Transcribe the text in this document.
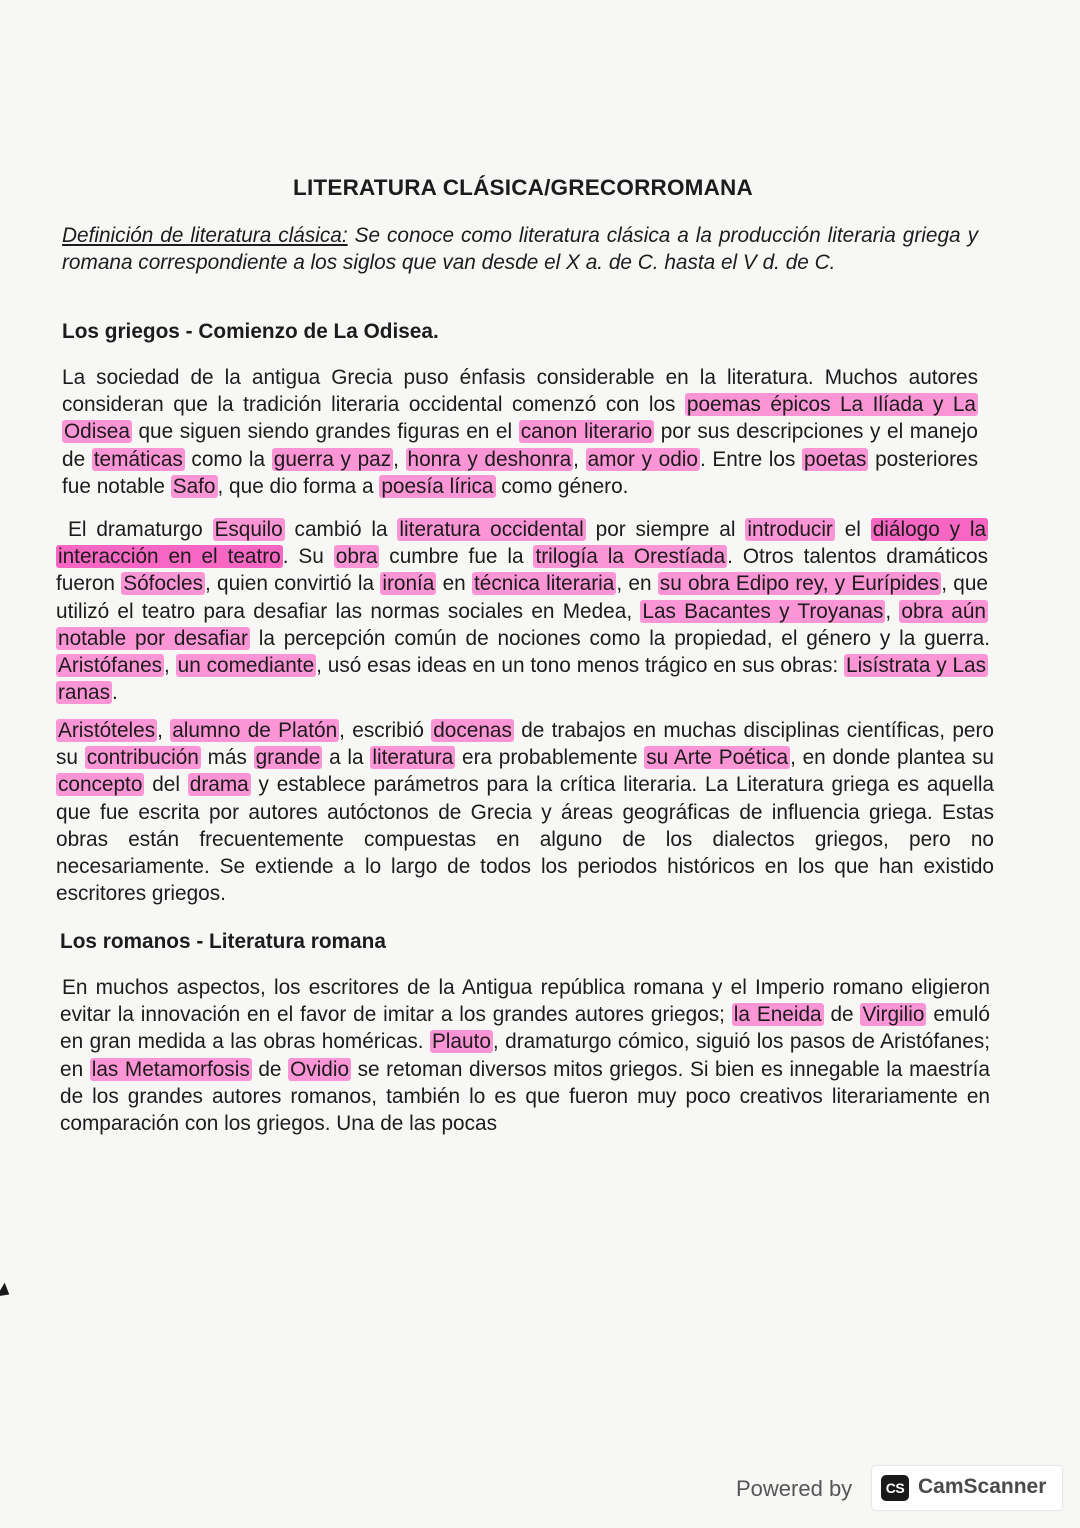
LITERATURA CLÁSICA/GRECORROMANA

Definición de literatura clásica: Se conoce como literatura clásica a la producción literaria griega y romana correspondiente a los siglos que van desde el X a. de C. hasta el V d. de C.

Los griegos - Comienzo de La Odisea.

La sociedad de la antigua Grecia puso énfasis considerable en la literatura. Muchos autores consideran que la tradición literaria occidental comenzó con los poemas épicos La Ilíada y La Odisea que siguen siendo grandes figuras en el canon literario por sus descripciones y el manejo de temáticas como la guerra y paz, honra y deshonra, amor y odio. Entre los poetas posteriores fue notable Safo, que dio forma a poesía lírica como género.

El dramaturgo Esquilo cambió la literatura occidental por siempre al introducir el diálogo y la interacción en el teatro. Su obra cumbre fue la trilogía la Orestíada. Otros talentos dramáticos fueron Sófocles, quien convirtió la ironía en técnica literaria, en su obra Edipo rey, y Eurípides, que utilizó el teatro para desafiar las normas sociales en Medea, Las Bacantes y Troyanas, obra aún notable por desafiar la percepción común de nociones como la propiedad, el género y la guerra. Aristófanes, un comediante, usó esas ideas en un tono menos trágico en sus obras: Lisístrata y Las ranas.

Aristóteles, alumno de Platón, escribió docenas de trabajos en muchas disciplinas científicas, pero su contribución más grande a la literatura era probablemente su Arte Poética, en donde plantea su concepto del drama y establece parámetros para la crítica literaria. La Literatura griega es aquella que fue escrita por autores autóctonos de Grecia y áreas geográficas de influencia griega. Estas obras están frecuentemente compuestas en alguno de los dialectos griegos, pero no necesariamente. Se extiende a lo largo de todos los periodos históricos en los que han existido escritores griegos.

Los romanos - Literatura romana

En muchos aspectos, los escritores de la Antigua república romana y el Imperio romano eligieron evitar la innovación en el favor de imitar a los grandes autores griegos; la Eneida de Virgilio emuló en gran medida a las obras homéricas. Plauto, dramaturgo cómico, siguió los pasos de Aristófanes; en las Metamorfosis de Ovidio se retoman diversos mitos griegos. Si bien es innegable la maestría de los grandes autores romanos, también lo es que fueron muy poco creativos literariamente en comparación con los griegos. Una de las pocas

Powered by	CS CamScanner
